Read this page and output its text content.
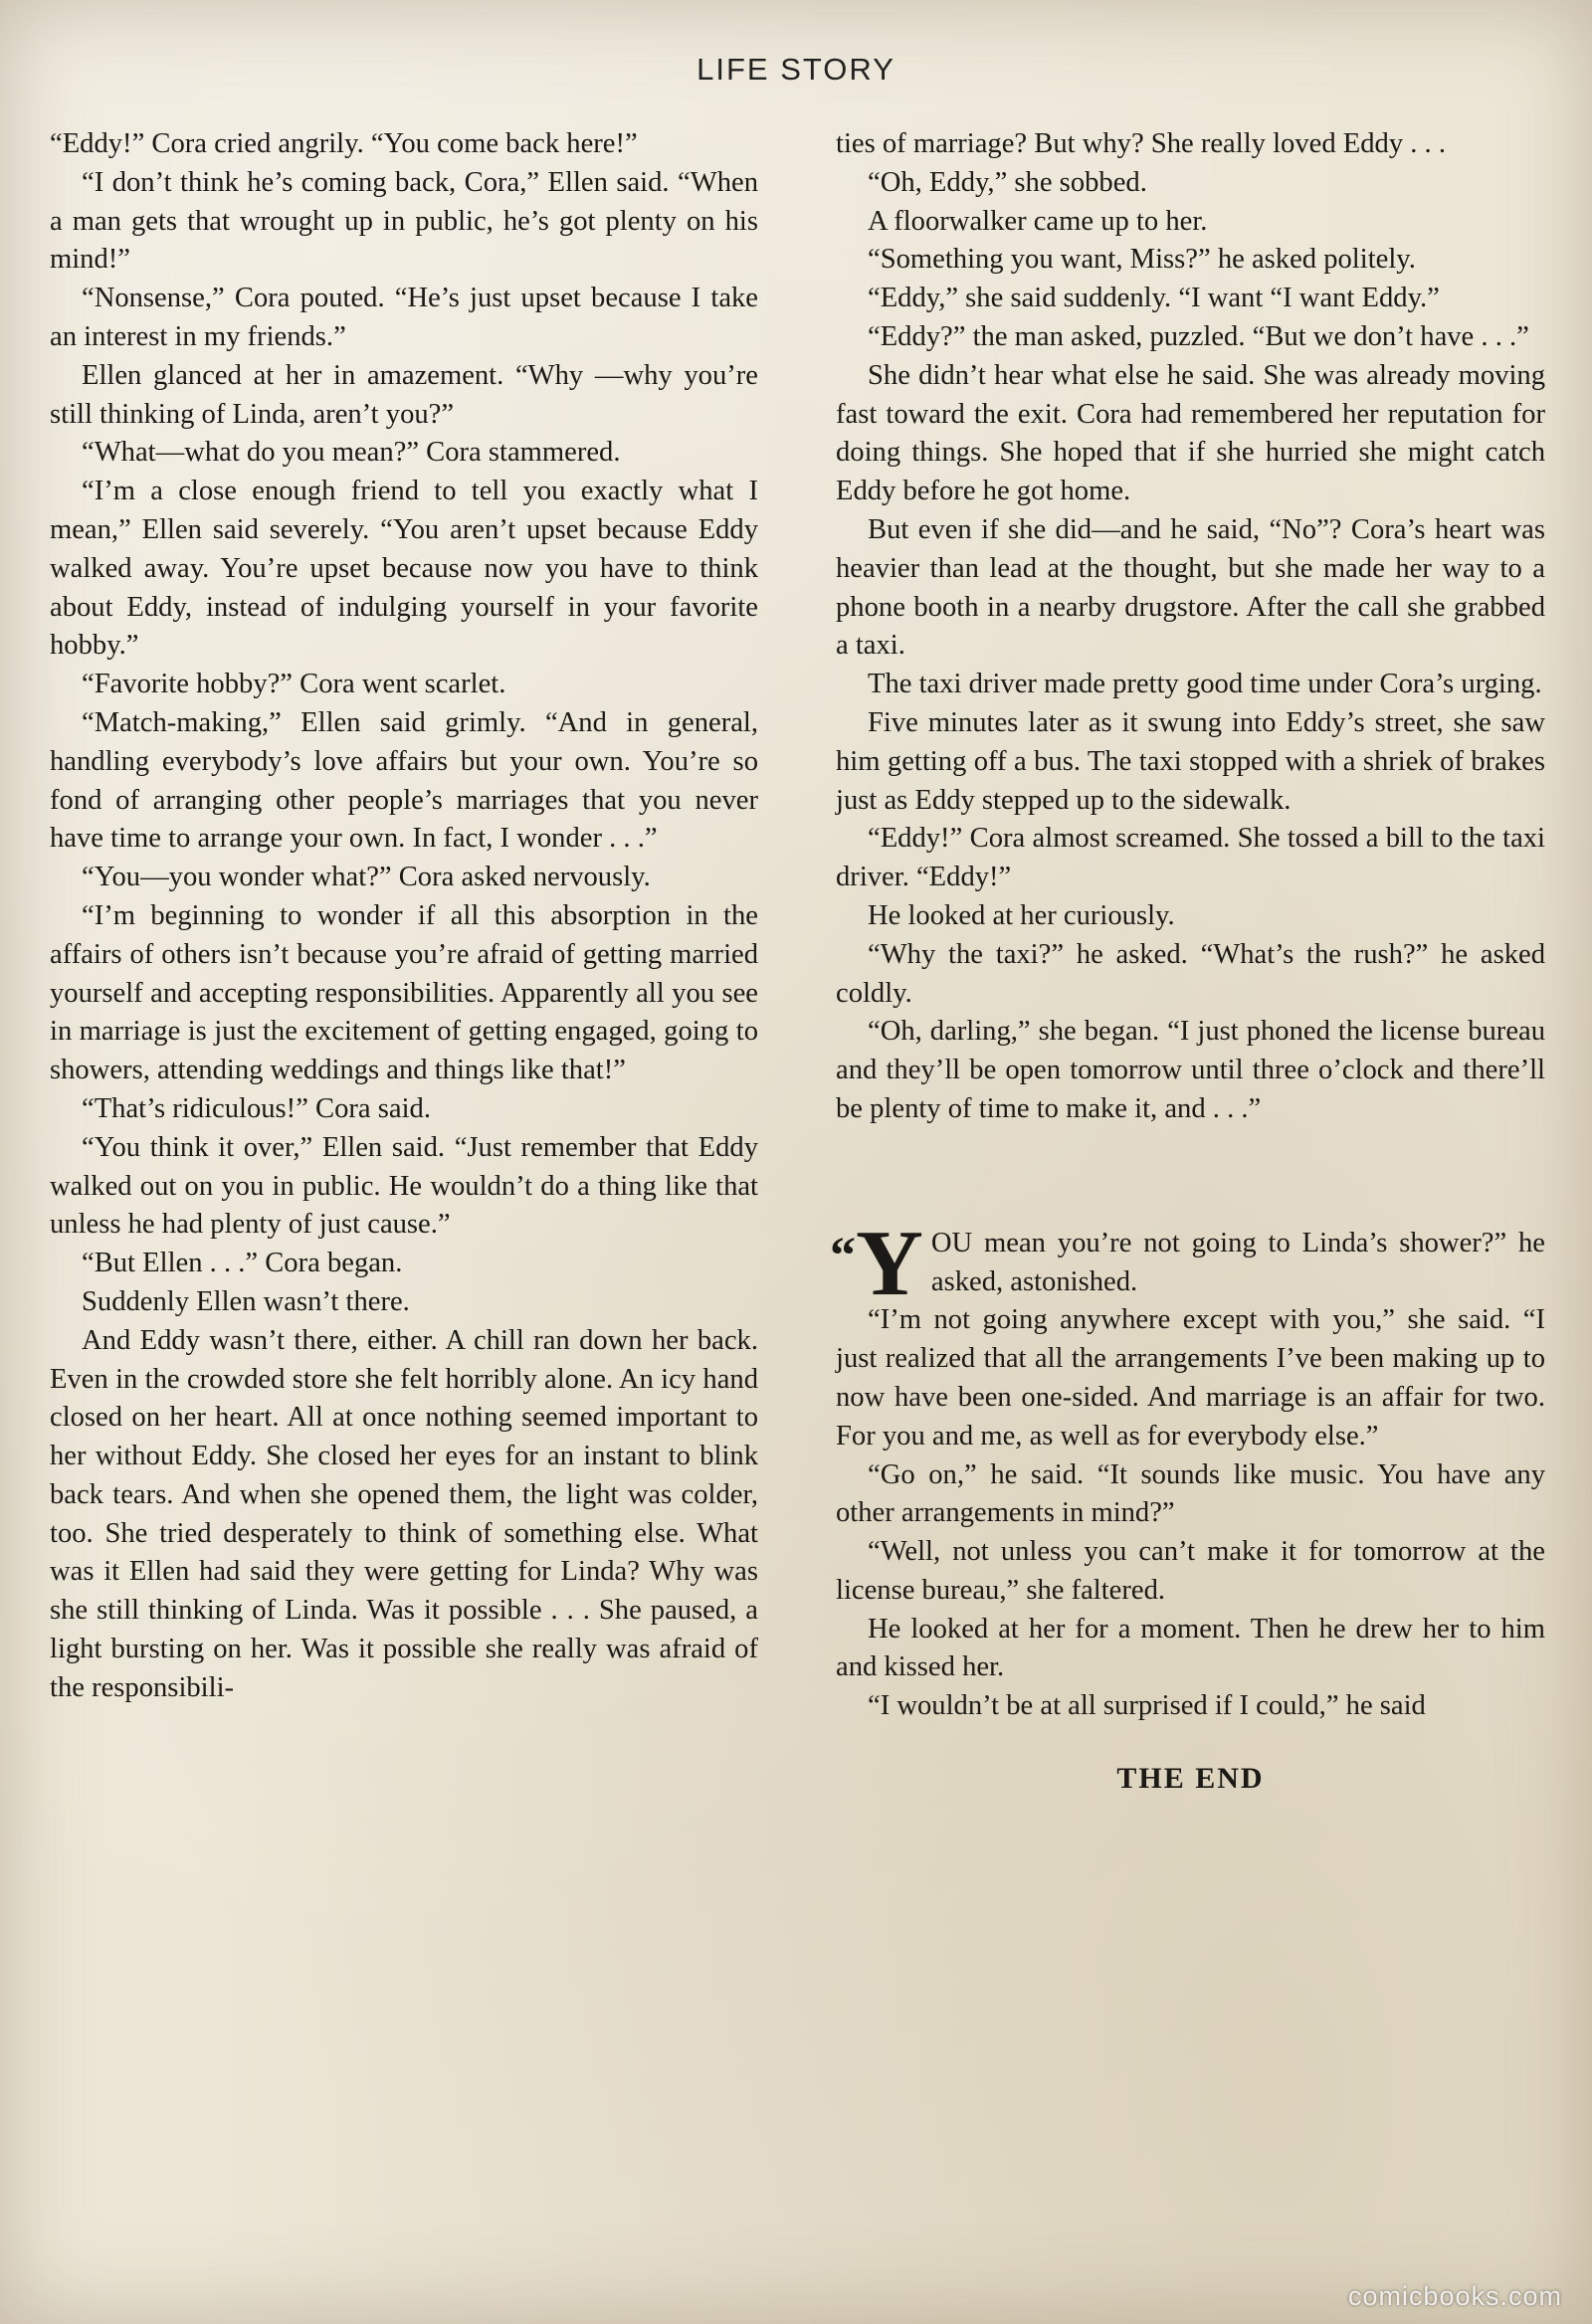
LIFE STORY

“Eddy!” Cora cried angrily. “You come back here!”

“I don’t think he’s coming back, Cora,” Ellen said. “When a man gets that wrought up in public, he’s got plenty on his mind!”

“Nonsense,” Cora pouted. “He’s just upset because I take an interest in my friends.”

Ellen glanced at her in amazement. “Why —why you’re still thinking of Linda, aren’t you?”

“What—what do you mean?” Cora stammered.

“I’m a close enough friend to tell you exactly what I mean,” Ellen said severely. “You aren’t upset because Eddy walked away. You’re upset because now you have to think about Eddy, instead of indulging yourself in your favorite hobby.”

“Favorite hobby?” Cora went scarlet.

“Match-making,” Ellen said grimly. “And in general, handling everybody’s love affairs but your own. You’re so fond of arranging other people’s marriages that you never have time to arrange your own. In fact, I wonder . . .”

“You—you wonder what?” Cora asked nervously.

“I’m beginning to wonder if all this absorption in the affairs of others isn’t because you’re afraid of getting married yourself and accepting responsibilities. Apparently all you see in marriage is just the excitement of getting engaged, going to showers, attending weddings and things like that!”

“That’s ridiculous!” Cora said.

“You think it over,” Ellen said. “Just remember that Eddy walked out on you in public. He wouldn’t do a thing like that unless he had plenty of just cause.”

“But Ellen . . .” Cora began.

Suddenly Ellen wasn’t there.

And Eddy wasn’t there, either. A chill ran down her back. Even in the crowded store she felt horribly alone. An icy hand closed on her heart. All at once nothing seemed important to her without Eddy. She closed her eyes for an instant to blink back tears. And when she opened them, the light was colder, too. She tried desperately to think of something else. What was it Ellen had said they were getting for Linda? Why was she still thinking of Linda. Was it possible . . . She paused, a light bursting on her. Was it possible she really was afraid of the responsibili-

ties of marriage? But why? She really loved Eddy . . .

“Oh, Eddy,” she sobbed.

A floorwalker came up to her.

“Something you want, Miss?” he asked politely.

“Eddy,” she said suddenly. “I want “I want Eddy.”

“Eddy?” the man asked, puzzled. “But we don’t have . . .”

She didn’t hear what else he said. She was already moving fast toward the exit. Cora had remembered her reputation for doing things. She hoped that if she hurried she might catch Eddy before he got home.

But even if she did—and he said, “No”? Cora’s heart was heavier than lead at the thought, but she made her way to a phone booth in a nearby drugstore. After the call she grabbed a taxi.

The taxi driver made pretty good time under Cora’s urging.

Five minutes later as it swung into Eddy’s street, she saw him getting off a bus. The taxi stopped with a shriek of brakes just as Eddy stepped up to the sidewalk.

“Eddy!” Cora almost screamed. She tossed a bill to the taxi driver. “Eddy!”

He looked at her curiously.

“Why the taxi?” he asked. “What’s the rush?” he asked coldly.

“Oh, darling,” she began. “I just phoned the license bureau and they’ll be open tomorrow until three o’clock and there’ll be plenty of time to make it, and . . .”

“ Y OU mean you’re not going to Linda’s shower?” he asked, astonished.

“I’m not going anywhere except with you,” she said. “I just realized that all the arrangements I’ve been making up to now have been one-sided. And marriage is an affair for two. For you and me, as well as for everybody else.”

“Go on,” he said. “It sounds like music. You have any other arrangements in mind?”

“Well, not unless you can’t make it for tomorrow at the license bureau,” she faltered.

He looked at her for a moment. Then he drew her to him and kissed her.

“I wouldn’t be at all surprised if I could,” he said

THE END
comicbooks.com
